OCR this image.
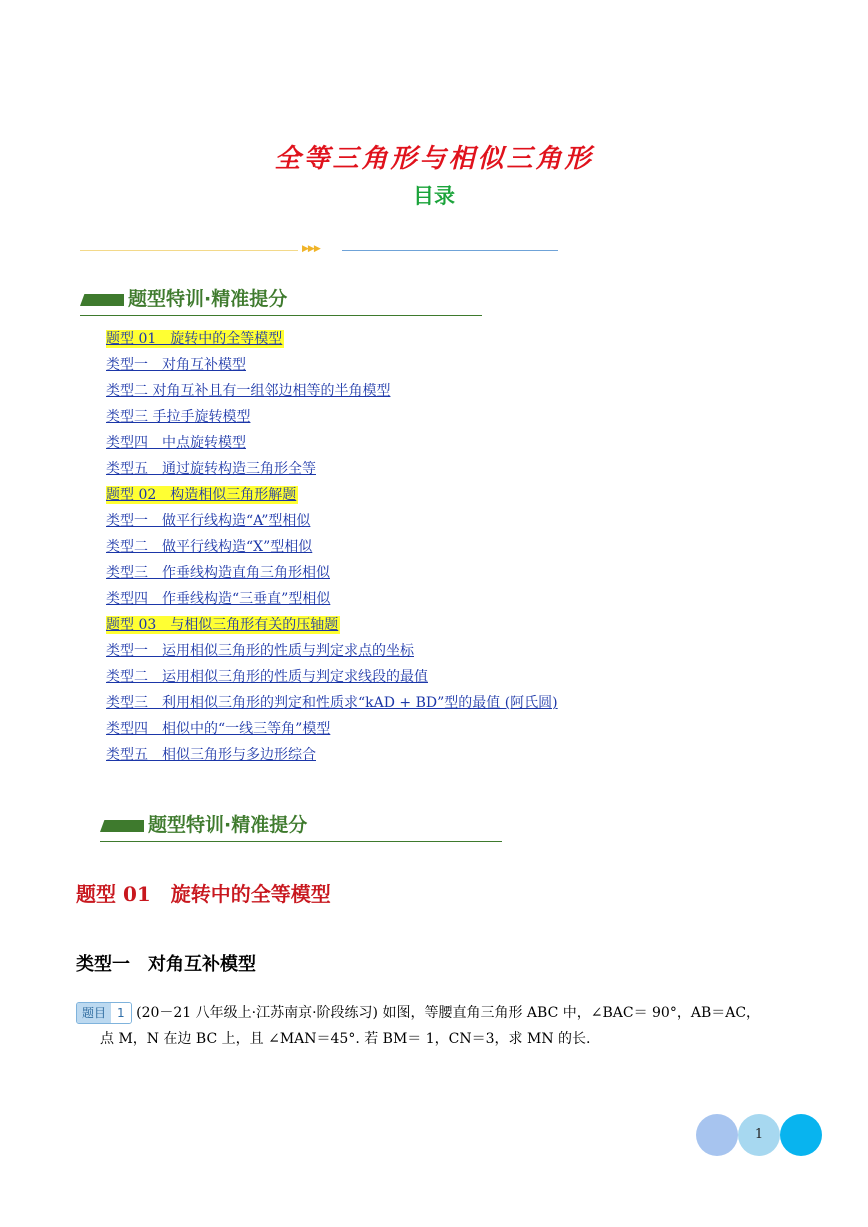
全等三角形与相似三角形
目录
▶▶▶
题型特训·精准提分
题型 01　旋转中的全等模型
类型一　对角互补模型
类型二 对角互补且有一组邻边相等的半角模型
类型三 手拉手旋转模型
类型四　中点旋转模型
类型五　通过旋转构造三角形全等
题型 02　构造相似三角形解题
类型一　做平行线构造“A”型相似
类型二　做平行线构造“X”型相似
类型三　作垂线构造直角三角形相似
类型四　作垂线构造“三垂直”型相似
题型 03　与相似三角形有关的压轴题
类型一　运用相似三角形的性质与判定求点的坐标
类型二　运用相似三角形的性质与判定求线段的最值
类型三　利用相似三角形的判定和性质求“kAD + BD”型的最值 (阿氏圆)
类型四　相似中的“一线三等角”模型
类型五　相似三角形与多边形综合
题型特训·精准提分
题型 01　旋转中的全等模型
类型一　对角互补模型
题目 1 (20－21 八年级上·江苏南京·阶段练习) 如图，等腰直角三角形 ABC 中，∠BAC＝ 90°，AB＝AC，
点 M，N 在边 BC 上，且 ∠MAN＝45°. 若 BM＝ 1，CN＝3，求 MN 的长.
1
